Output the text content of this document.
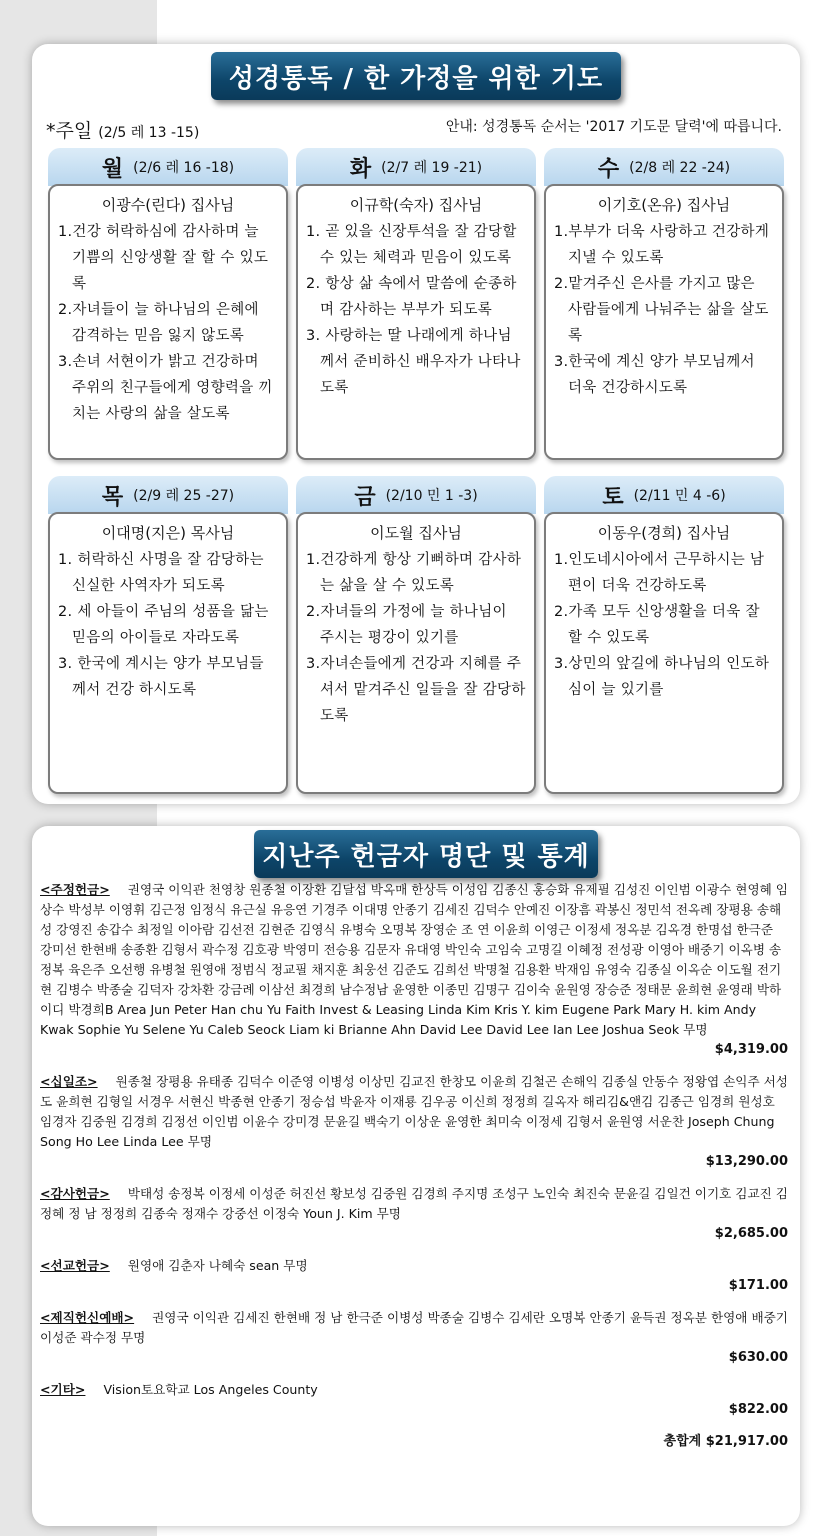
성경통독 / 한 가정을 위한 기도
*주일 (2/5 레 13 -15)	안내: 성경통독 순서는 '2017 기도문 달력'에 따릅니다.
월 (2/6 레 16 -18)
이광수(린다) 집사님
1.건강 허락하심에 감사하며 늘 기쁨의 신앙생활 잘 할 수 있도록
2.자녀들이 늘 하나님의 은혜에 감격하는 믿음 잃지 않도록
3.손녀 서현이가 밝고 건강하며 주위의 친구들에게 영향력을 끼치는 사랑의 삶을 살도록
화 (2/7 레 19 -21)
이규학(숙자) 집사님
1. 곧 있을 신장투석을 잘 감당할 수 있는 체력과 믿음이 있도록
2. 항상 삶 속에서 말씀에 순종하며 감사하는 부부가 되도록
3. 사랑하는 딸 나래에게 하나님께서 준비하신 배우자가 나타나도록
수 (2/8 레 22 -24)
이기호(온유) 집사님
1.부부가 더욱 사랑하고 건강하게 지낼 수 있도록
2.맡겨주신 은사를 가지고 많은 사람들에게 나눠주는 삶을 살도록
3.한국에 계신 양가 부모님께서 더욱 건강하시도록
목 (2/9 레 25 -27)
이대명(지은) 목사님
1. 허락하신 사명을 잘 감당하는 신실한 사역자가 되도록
2. 세 아들이 주님의 성품을 닮는 믿음의 아이들로 자라도록
3. 한국에 계시는 양가 부모님들께서 건강 하시도록
금 (2/10 민 1 -3)
이도월 집사님
1.건강하게 항상 기뻐하며 감사하는 삶을 살 수 있도록
2.자녀들의 가정에 늘 하나님이 주시는 평강이 있기를
3.자녀손들에게 건강과 지혜를 주셔서 맡겨주신 일들을 잘 감당하도록
토 (2/11 민 4 -6)
이동우(경희) 집사님
1.인도네시아에서 근무하시는 남편이 더욱 건강하도록
2.가족 모두 신앙생활을 더욱 잘 할 수 있도록
3.상민의 앞길에 하나님의 인도하심이 늘 있기를
지난주 헌금자 명단 및 통계
<주정헌금> 권영국 이익관 천영창 원종철 이장환 김달섭 박옥매 한상득 이성임 김종신 홍승화 유제필 김성진 이인범 이광수 현영혜 임상수 박성부 이영휘 김근정 임정식 유근실 유응연 기경주 이대명 안종기 김세진 김덕수 안예진 이장흠 곽봉신 정민석 전옥례 장평용 송해성 강영진 송갑수 최정일 이아람 김선전 김현준 김영식 유병숙 오명복 장영순 조 연 이윤희 이영근 이정세 정옥분 김옥경 한명섭 한극준 강미선 한현배 송종환 김형서 곽수정 김호광 박영미 전승용 김문자 유대영 박인숙 고임숙 고명길 이혜정 전성광 이영아 배중기 이옥병 송정복 육은주 오선행 유병철 원영애 정범식 정교필 채지훈 최웅선 김준도 김희선 박명철 김용환 박재임 유영숙 김종실 이옥순 이도월 전기현 김병수 박종술 김덕자 강차환 강금례 이삼선 최경희 남수정남 윤영한 이종민 김명구 김이숙 윤원영 장승준 정태문 윤희현 윤영래 박하이디 박경희B Area Jun Peter Han chu Yu Faith Invest & Leasing Linda Kim Kris Y. kim Eugene Park Mary H. kim Andy Kwak Sophie Yu Selene Yu Caleb Seock Liam ki Brianne Ahn David Lee David Lee Ian Lee Joshua Seok 무명
$4,319.00
<십일조> 원종철 장평용 유태종 김덕수 이준영 이병성 이상민 김교진 한창모 이윤희 김철곤 손해익 김종실 안동수 정왕엽 손익주 서성도 윤희현 김형일 서경우 서현신 박종현 안종기 정승섭 박윤자 이재룡 김우공 이신희 정정희 길옥자 해리김&앤김 김종근 임경희 원성호 임경자 김중원 김경희 김정선 이인범 이윤수 강미경 문윤길 백숙기 이상운 윤영한 최미숙 이정세 김형서 윤원영 서운찬 Joseph Chung Song Ho Lee Linda Lee 무명
$13,290.00
<감사헌금> 박태성 송정복 이정세 이성준 허진선 황보성 김중원 김경희 주지명 조성구 노인숙 최진숙 문윤길 김일건 이기호 김교진 김정혜 정 남 정정희 김종숙 정재수 강중선 이정숙 Youn J. Kim 무명
$2,685.00
<선교헌금> 원영애 김춘자 나혜숙 sean 무명
$171.00
<제직헌신예배> 권영국 이익관 김세진 한현배 정 남 한극준 이병성 박종술 김병수 김세란 오명복 안종기 윤득권 정옥분 한영애 배중기 이성준 곽수정 무명
$630.00
<기타> Vision토요학교 Los Angeles County
$822.00
총합계 $21,917.00
